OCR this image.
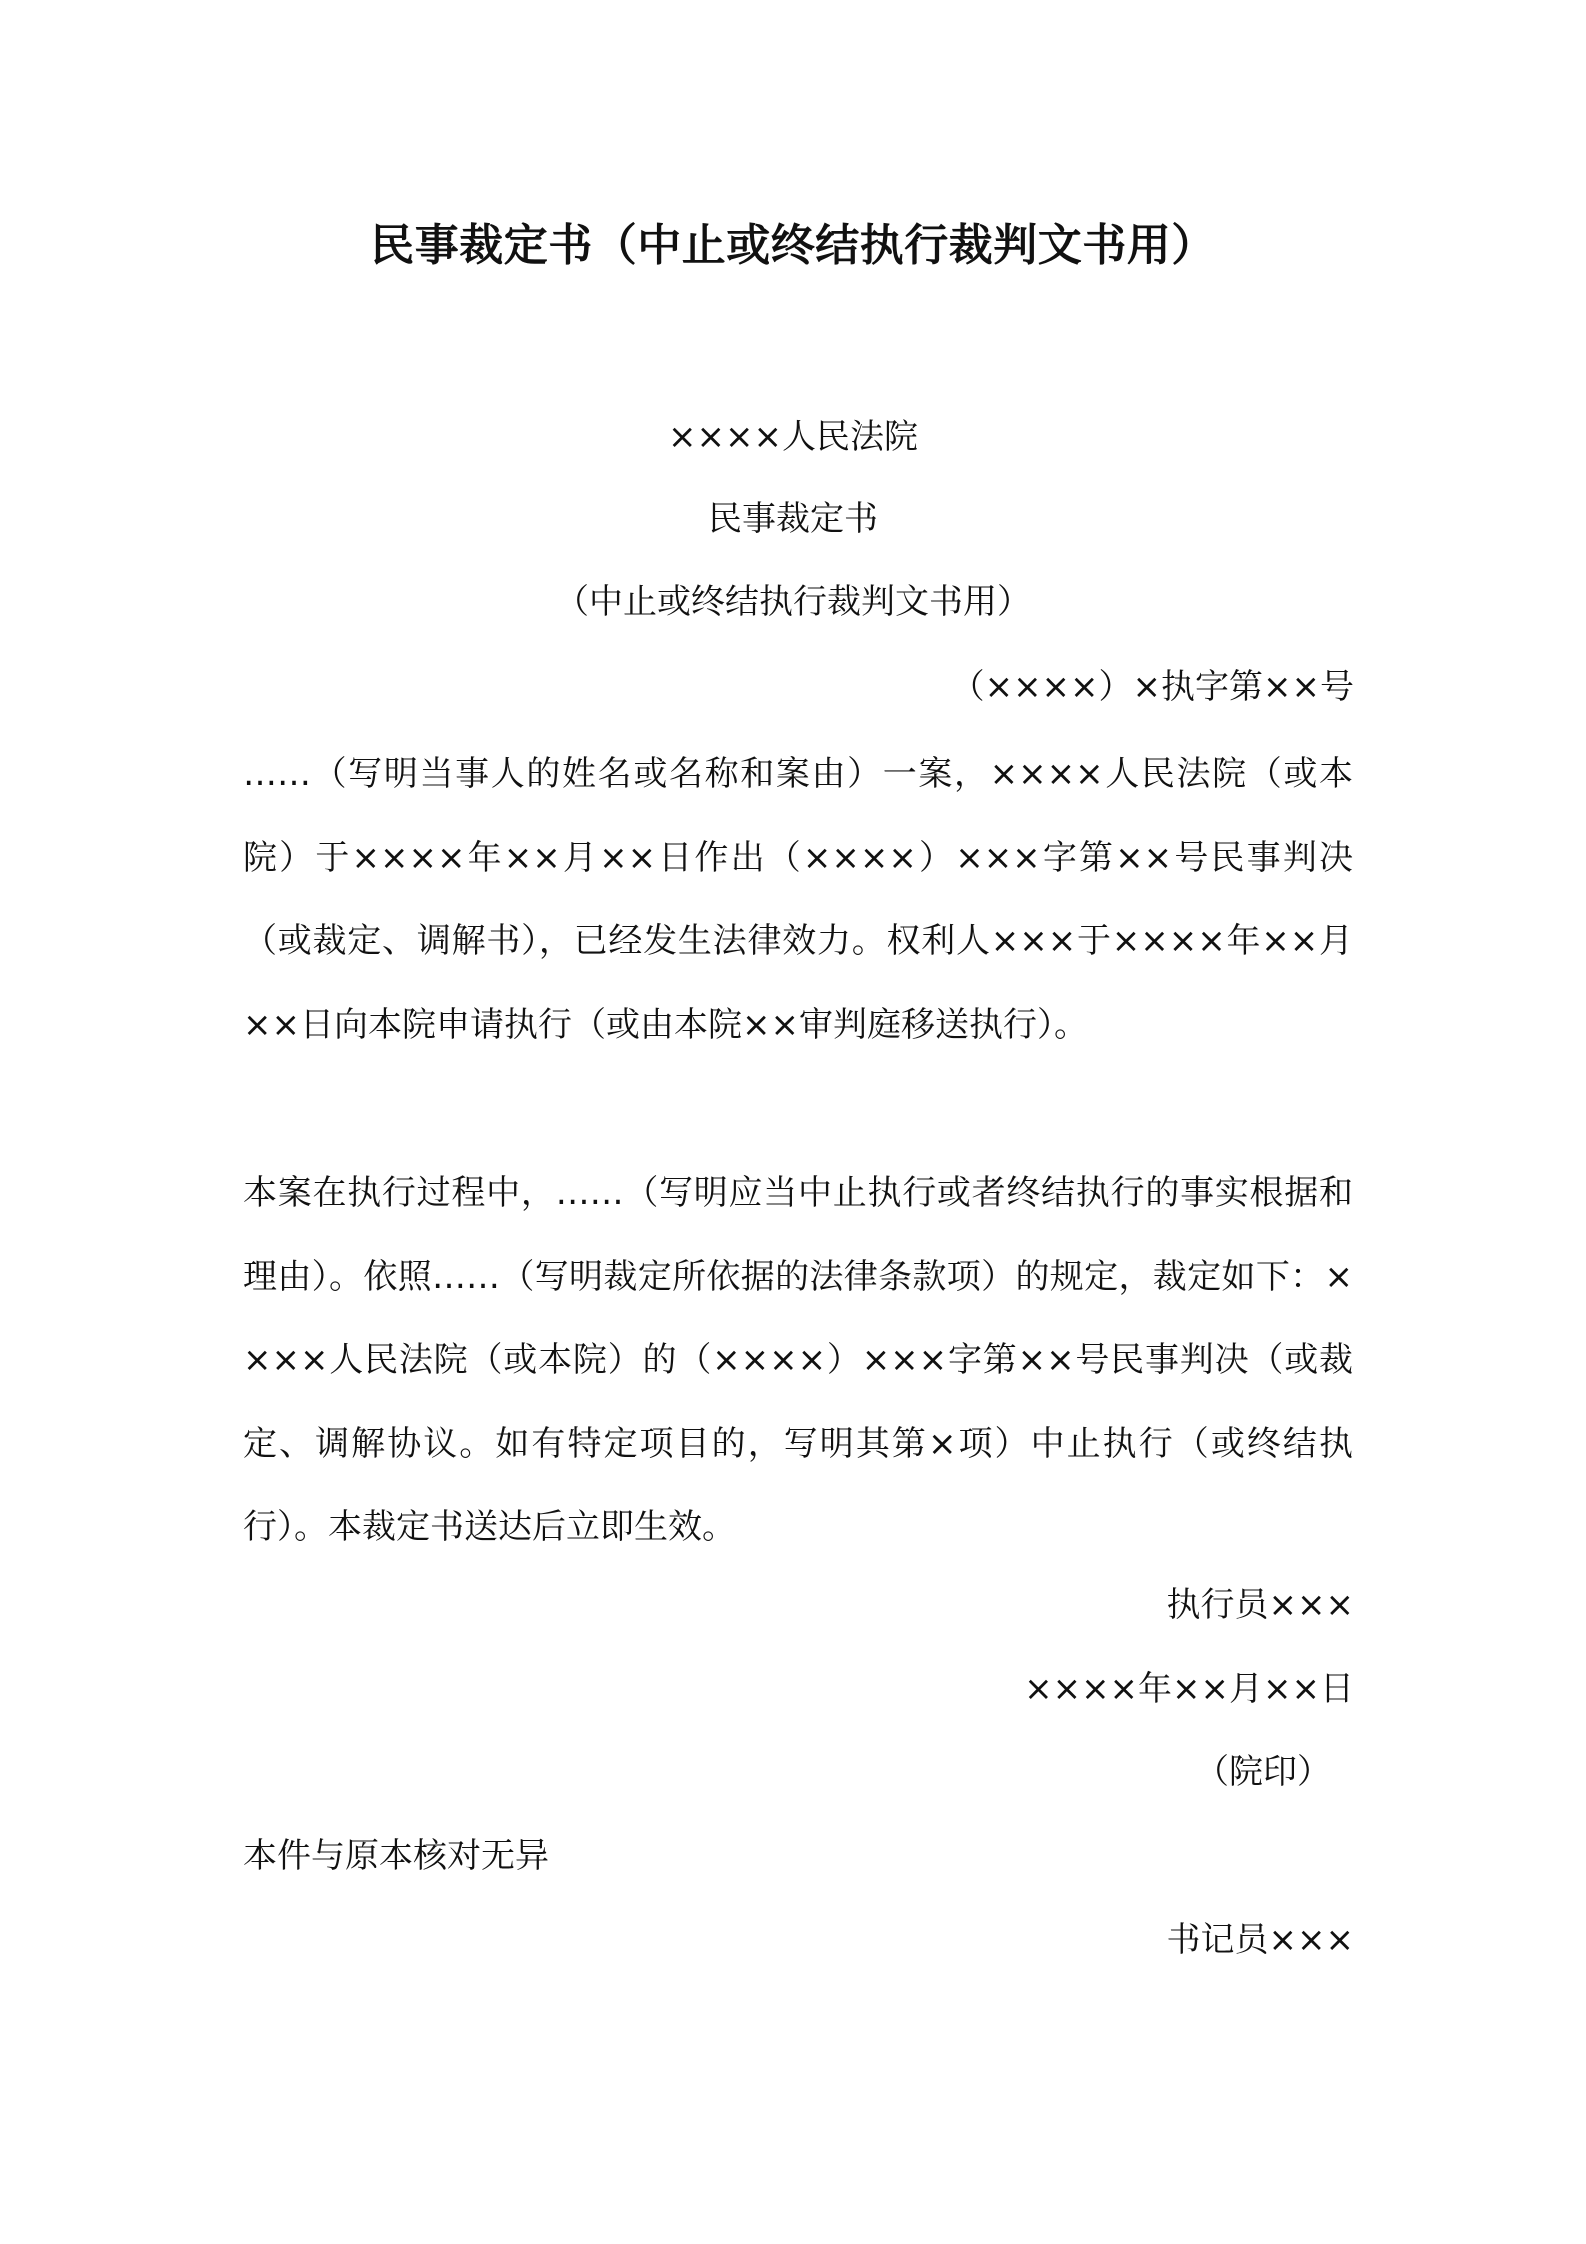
民事裁定书（中止或终结执行裁判文书用）
××××人民法院
民事裁定书
（中止或终结执行裁判文书用）
（××××）×执字第××号
……（写明当事人的姓名或名称和案由）一案，××××人民法院（或本院）于××××年××月××日作出（××××）×××字第××号民事判决（或裁定、调解书），已经发生法律效力。权利人×××于××××年××月××日向本院申请执行（或由本院××审判庭移送执行）。
本案在执行过程中，……（写明应当中止执行或者终结执行的事实根据和理由）。依照……（写明裁定所依据的法律条款项）的规定，裁定如下：××××人民法院（或本院）的（××××）×××字第××号民事判决（或裁定、调解协议。如有特定项目的，写明其第×项）中止执行（或终结执行）。本裁定书送达后立即生效。
执行员×××
××××年××月××日
（院印）
本件与原本核对无异
书记员×××
